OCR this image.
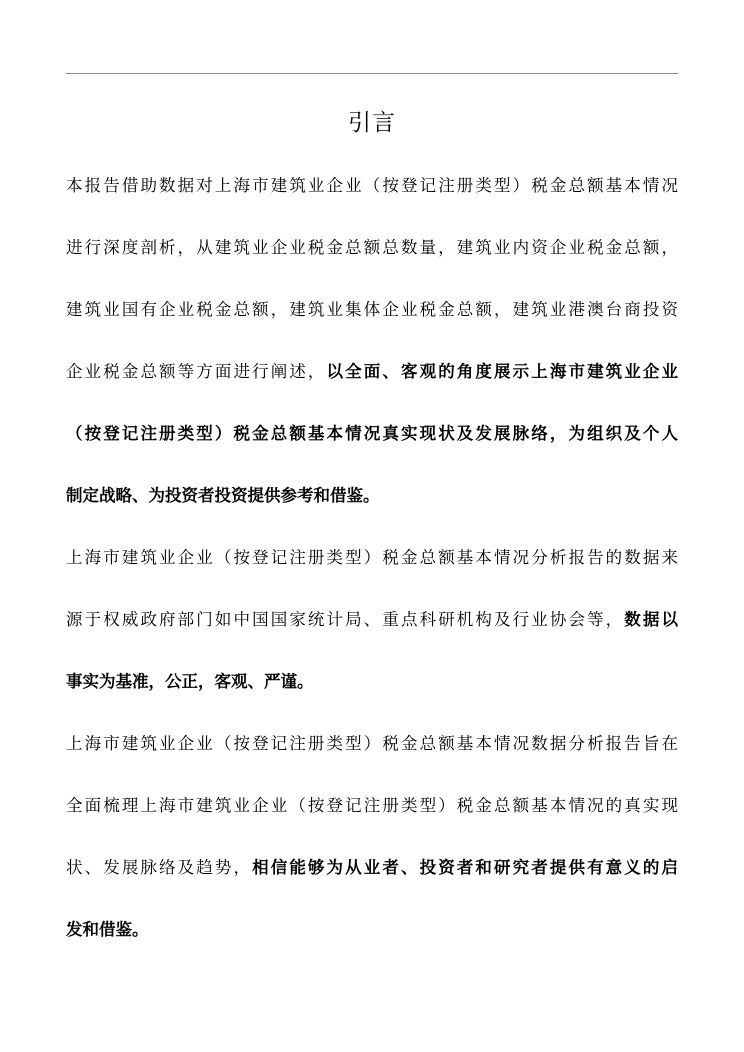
引言
本报告借助数据对上海市建筑业企业（按登记注册类型）税金总额基本情况
进行深度剖析，从建筑业企业税金总额总数量，建筑业内资企业税金总额，
建筑业国有企业税金总额，建筑业集体企业税金总额，建筑业港澳台商投资
企业税金总额等方面进行阐述，以全面、客观的角度展示上海市建筑业企业
（按登记注册类型）税金总额基本情况真实现状及发展脉络，为组织及个人
制定战略、为投资者投资提供参考和借鉴。
上海市建筑业企业（按登记注册类型）税金总额基本情况分析报告的数据来
源于权威政府部门如中国国家统计局、重点科研机构及行业协会等，数据以
事实为基准，公正，客观、严谨。
上海市建筑业企业（按登记注册类型）税金总额基本情况数据分析报告旨在
全面梳理上海市建筑业企业（按登记注册类型）税金总额基本情况的真实现
状、发展脉络及趋势，相信能够为从业者、投资者和研究者提供有意义的启
发和借鉴。
